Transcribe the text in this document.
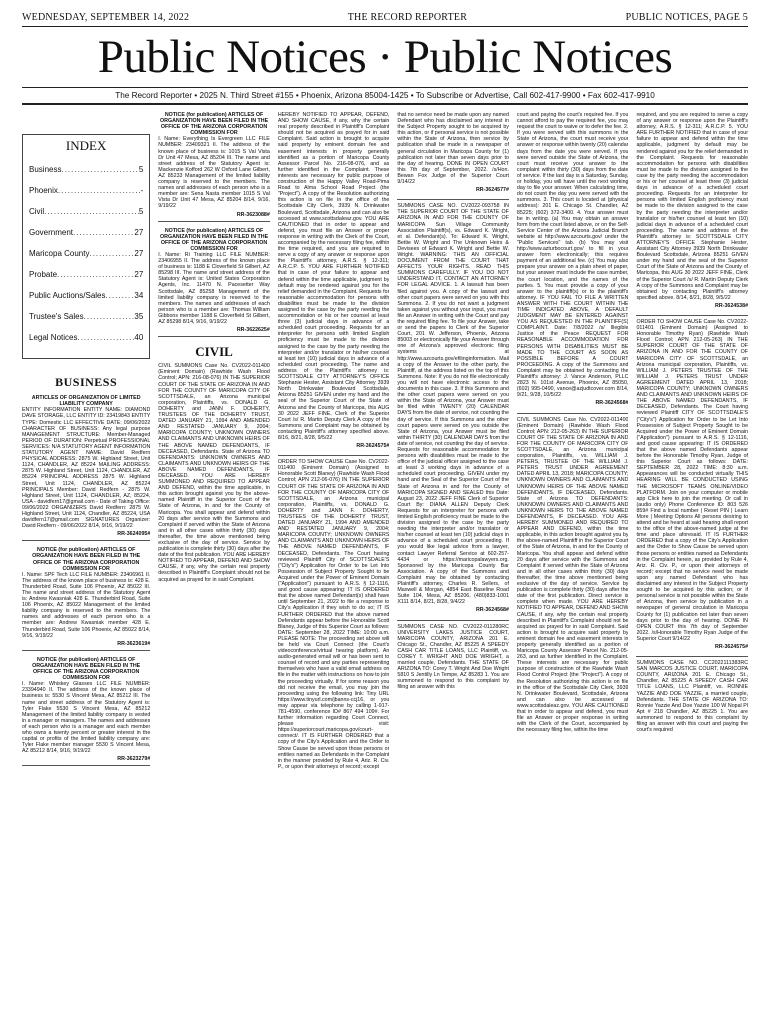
WEDNESDAY, SEPTEMBER 14, 2022	THE RECORD REPORTER	PUBLIC NOTICES, PAGE 5
Public Notices · Public Notices
The Record Reporter • 2025 N. Third Street #155 • Phoenix, Arizona 85004-1425 • To Subscribe or Advertise, Call 602-417-9900 • Fax 602-417-9910
INDEX
Business .....	5
Phoenix .....	-
Civil .....	5
Government .....	27
Maricopa County .....	27
Probate .....	27
Public Auctions/Sales .....	34
Trustee's Sales .....	35
Legal Notices .....	40
BUSINESS
ARTICLES OF ORGANIZATION OF LIMITED LIABILITY COMPANY
ENTITY INFORMATION ENTITY NAME: DIAMOND DAVE STORAGE, LLC ENTITY ID: 23419843 ENTITY TYPE: Domestic LLC EFFECTIVE DATE: 09/06/2022 CHARACTER OF BUSINESS: Any legal purpose MANAGEMENT STRUCTURE: Member-Managed PERIOD OF DURATION: Perpetual PROFESSIONAL SERVICES: N/A STATUTORY AGENT INFORMATION STATUTORY AGENT NAME: David Redfern PHYSICAL ADDRESS: 2875 W. Highland Street, Unit 1124, CHANDLER, AZ 85224 MAILING ADDRESS: 2875 W. Highland Street, Unit 1124, CHANDLER, AZ 85224 PRINCIPAL ADDRESS 2875 W. Highland Street, Unit 1124, CHANDLER, AZ 85224 PRINCIPALS Member: David Redfern - 2875 W. Highland Street, Unit 1124, CHANDLER, AZ, 85224, USA - davidfern17@gmail.com - Date of Taking Office: 09/06/2022 ORGANIZERS David Redfern: 2875 W. Highland Street, Unit 1124, Chandler, AZ 85224, USA davidfern17@gmail.com SIGNATURES Organizer: David Redfern - 09/06/2022 8/14, 9/16, 9/19/22
RR-3624095#
NOTICE (for publication) ARTICLES OF ORGANIZATION HAVE BEEN FILED IN THE OFFICE OF THE ARIZONA CORPORATION COMMISSION FOR
I. Name: SPF Tech LLC FILE NUMBER: 23406961 II. The address of the known place of business is: 428 E. Thunderbird Road, Suite 106 Phoenix, AZ 85022 III. The name and street address of the Statutory Agent is: Andrew Kwasniak 428 E. Thunderbird Road, Suite 106 Phoenix, AZ 85022 Management of the limited liability company is reserved to the members. The names and addresses of each person who is a member are: Andrew Kwasniak member 428 E. Thunderbird Road, Suite 106 Phoenix, AZ 85022 8/14, 9/16, 9/19/22
RR-3623619#
NOTICE (for publication) ARTICLES OF ORGANIZATION HAVE BEEN FILED IN THE OFFICE OF THE ARIZONA CORPORATION COMMISSION FOR
I. Name: Whiskey Glasses LLC FILE NUMBER: 23394940 II. The address of the known place of business is: 5530 S Vincent Mesa, AZ 85212 III. The name and street address of the Statutory Agent is: Tyler Flake 5530 S Vincent Mesa, AZ 85212 Management of the limited liability company is vested in a manager or managers. The names and addresses of each person who is a manager and each member who owns a twenty percent or greater interest in the capital or profits of the limited liability company are: Tyler Flake member manager 5530 S Vincent Mesa, AZ 85212 8/14, 9/16, 9/19/22
RR-3623279#
NOTICE (for publication) ARTICLES OF ORGANIZATION HAVE BEEN FILED IN THE OFFICE OF THE ARIZONA CORPORATION COMMISSION FOR
I. Name: Everything Is Evergreen LLC FILE NUMBER: 23409321 II. The address of the known place of business is: 1015 S Val Vista Dr Unit 47 Mesa, AZ 85204 III. The name and street address of the Statutory Agent is: Mackenzie Kofford 262 W Oxford Lane Gilbert, AZ 85233 Management of the limited liability company is reserved to the members. The names and addresses of each person who is a member are: Sena Nasta member 1015 S Val Vista Dr Unit 47 Mesa, AZ 85204 8/14, 9/16, 9/19/22
RR-3623088#
NOTICE (for publication) ARTICLES OF ORGANIZATION HAVE BEEN FILED IN THE OFFICE OF THE ARIZONA CORPORATION COMMISSION FOR
I. Name: Ri Training LLC FILE NUMBER: 23406955 II. The address of the known place of business is: 1188 E Cloverfield St Gilbert, AZ 85298 III. The name and street address of the Statutory Agent is: United States Corporation Agents, Inc. 11470 N. Pacesetter Way Scottsdale, AZ 85258 Management of the limited liability company is reserved to the members. The names and addresses of each person who is a member are: Thomas William Gibbons member 1188 E Cloverfield St Gilbert, AZ 85298 8/14, 9/16, 9/19/22
RR-3622625#
CIVIL
CIVIL SUMMONS Case No. CV2022-011400 (Eminent Domain) (Rawhide Wash Flood Control; APN: 216-08-076) IN THE SUPERIOR COURT OF THE STATE OF ARIZONA IN AND FOR THE COUNTY OF MARICOPA CITY OF SCOTTSDALE, an Arizona municipal corporation, Plaintiffs, vs. DONALD G. DOHERTY and JANN F. DOHERTY, TRUSTEES OF THE DOHERTY TRUST, DATED JANUARY 21, 1994 AND AMENDED AND RESTATED JANUARY 9, 2004; MARICOPA COUNTY; UNKNOWN OWNERS AND CLAIMANTS AND UNKNOWN HEIRS OF THE ABOVE NAMED DEFENDANTS, IF DECEASED, Defendants. State of Arizona TO DEFENDANTS: UNKNOWN OWNERS AND CLAIMANTS AND UNKNOWN HEIRS OF THE ABOVE NAMED DEFENDANTS, IF DECEASED. YOU ARE HEREBY SUMMONED AND REQUIRED TO APPEAR AND DEFEND, within the time applicable, in this action brought against you by the above-named Plaintiff in the Superior Court of the State of Arizona, in and for the County of Maricopa. You shall appear and defend within 20 days after service with the Summons and Complaint if served within the State of Arizona and in all other cases within thirty (30) days thereafter, the time above mentioned being exclusive of the day of service. Service by publication is complete thirty (30) days after the date of the first publication. YOU ARE HEREBY NOTIFIED TO APPEAR, DEFEND AND SHOW CAUSE, if any, why the certain real property described in Plaintiff's Complaint should not be acquired as prayed for in said Complaint.
HEREBY NOTIFIED TO APPEAR, DEFEND, AND SHOW CAUSE, if any, why the certain real property described in Plaintiff's Complaint should not be acquired as prayed for in said Complaint. Said action is brought to acquire said property by eminent domain fee and easement interests in property generally identified as a portion of Maricopa County Assessor Parcel No. 216-08-076, and as further identified in the Complaint. These interests are necessary for public purpose of construction of the Happy Valley Road-Pima Road to Alma School Road Project (the "Project"). A copy of the Resolution authorizing this action is on file in the office of the Scottsdale City Clerk, 3939 N. Drinkwater Boulevard, Scottsdale, Arizona and can also be accessed at www.scottsdaleaz.gov. YOU ARE CAUTIONED that in order to appear and defend, you must file an Answer or proper response in writing with the Clerk of the Court, accompanied by the necessary filing fee, within the time required, and you are required to serve a copy of any answer or response upon the Plaintiff's attorney, A.R.S. § 12-311; A.R.C.P. 5. YOU ARE FURTHER NOTIFIED that in case of your failure to appear and defend within the time applicable, judgment by default may be rendered against you for the relief demanded in the Complaint. Requests for reasonable accommodation for persons with disabilities must be made to the division assigned to the case by the party needing the accommodation or his or her counsel at least three (3) judicial days in advance of a scheduled court proceeding. Requests for an interpreter for persons with limited English proficiency must be made to the division assigned to the case by the party needing the interpreter and/or translator or his/her counsel at least ten (10) judicial days in advance of a scheduled court proceeding. The name and address of the Plaintiff's attorney is: SCOTTSDALE CITY ATTORNEY'S OFFICE Stephanie Hester, Assistant City Attorney 3939 North Drinkwater Boulevard Scottsdale, Arizona 85251 GIVEN under my hand and the seal of the Superior Court of the State of Arizona and the County of Maricopa, this AUG 30 2022 JEFF FINE, Clerk of the Superior Court /s/ R. Martin Deputy Clerk A copy of the Summons and Complaint may be obtained by contacting Plaintiff's attorney specified above. 8/16, 8/21, 8/28, 9/5/22
RR-3624575#
ORDER TO SHOW CAUSE Case No. CV2022-011400 (Eminent Domain) (Assigned to Honorable Scott Blaney) (Rawhide Wash Flood Control; APN 212-06-076) IN THE SUPERIOR COURT OF THE STATE OF ARIZONA IN AND FOR THE COUNTY OF MARICOPA CITY OF SCOTTSDALE, an Arizona municipal corporation, Plaintiffs, vs. DONALD G. DOHERTY and JANN F. DOHERTY, TRUSTEES OF THE DOHERTY TRUST, DATED JANUARY 21, 1994 AND AMENDED AND RESTATED JANUARY 9, 2004; MARICOPA COUNTY; UNKNOWN OWNERS AND CLAIMANTS AND UNKNOWN HEIRS OF THE ABOVE NAMED DEFENDANTS, IF DECEASED, Defendants. The Court having reviewed Plaintiff City of SCOTTSDALE'S ("City's") Application for Order to be Let Into Possession of Subject Property Sought to be Acquired under the Power of Eminent Domain ("Application") pursuant to A.R.S. § 12-1116, and good cause appearing: IT IS ORDERED that the above named Defendant(s) shall have until September 21, 2022 to file a response to City's Application if they wish to do so; IT IS FURTHER ORDERED that the above named Defendants appear before the Honorable Scott Blaney, Judge of this Superior Court as follows: DATE: September 28, 2022 TIME: 10:00 a.m. PLEASE NOTE: The proceeding set above will be held via Court Connect (the Court's videoconference/virtual hearing platform). An audio-generated email will or has been sent to counsel of record and any parties representing themselves who have a valid email address on file in the matter with instructions on how to join the proceeding virtually. If for some reason you did not receive the email, you may join the proceeding using the following link: Tiny URL https://www.tinyurl.com/jbanns-ccj16, or you may appear via telephone by calling 1-917-781-4590, conference ID# 867 494 109#. For further information regarding Court Connect, please visit: https://superiorcourt.maricopa.gov/court-connect/. IT IS FURTHER ORDERED that a copy of the City's Application and the Order to Show Cause be served upon those persons or entities named as Defendants in the Complaint in the manner provided by Rule 4, Ariz. R. Civ. P., or upon their attorneys of record; except
that no service need be made upon any named Defendant who has disclaimed any interest in the Subject Property sought to be acquired by this action, or if personal service is not possible within the State of Arizona, then service by publication shall be made in a newspaper of general circulation in Maricopa County for (1) publication not later than seven days prior to the day of hearing. DONE IN OPEN COURT this 7th day of September, 2022. /s/Hon. Bewan Fox Judge of the Superior Court 9/14/22
RR-3624577#
SUMMONS CASE NO. CV2022-093758 IN THE SUPERIOR COURT OF THE STATE OF ARIZONA IN AND FOR THE COUNTY OF MARICOPA Sun Village Community Association Plaintiff(s), vs. Edward K. Wright, et al. Defendant(s). To: Edward K. Wright, Bettie W. Wright and The Unknown Heirs & Devisees of Edward K. Wright and Bettie W. Wright. WARNING: THIS AN OFFICIAL DOCUMENT FROM THE COURT THAT AFFECTS YOUR RIGHTS. READ THIS SUMMONS CAREFULLY. IF YOU DO NOT UNDERSTAND IT, CONTACT AN ATTORNEY FOR LEGAL ADVICE. 1. A lawsuit has been filed against you. A copy of the lawsuit and other court papers were served on you with this Summons. 2. If you do not want a judgment taken against you without your input, you must file an Answer in writing with the Court and pay the required filing fee. To file your Answer, take or send the papers to Clerk of the Superior Court, 201 W. Jefferson, Phoenix, Arizona 85003 or electronically file your Answer through one of Arizona's approved electronic filing systems at http://www.azcourts.gov/efilinginformation. Mail a copy of the Answer to the other party, the Plaintiff, at the address listed on the top of this Summons. Note: If you do not file electronically you will not have electronic access to the documents in this case. 3. If this Summons and the other court papers were served on you within the State of Arizona, your Answer must be filed within TWENTY (20) CALENDAR DAYS from the date of service, not counting the day of service. If this Summons and the other court papers were served on you outside the State of Arizona, your Answer must be filed within THIRTY (30) CALENDAR DAYS from the date of service, not counting the day of service. Requests for reasonable accommodation for persons with disabilities must be made to the office of the judicial officer assigned to the case at least 3 working days in advance of a scheduled court proceeding. GIVEN under my hand and the Seal of the Superior Court of the State of Arizona in and for the County of MARICOPA SIGNED AND SEALED this Date: August 23, 2022 JEFF FINE Clerk of Superior Court By: DIANA ALLEN Deputy Clerk Requests for an interpreter for persons with limited English proficiency must be made to the division assigned to the case by the party needing the interpreter and/or translator or his/her counsel at least ten (10) judicial days in advance of a scheduled court proceeding. If you would like legal advice from a lawyer, contact Lawyer Referral Service at 602-257-4434 or https://maricopalawyers.org. Sponsored by the Maricopa County Bar Association. A copy of the Summons and Complaint may be obtained by contacting Plaintiff's attorney, Charles R. Sellers, of Maxwell & Morgan, 4854 East Baseline Road Suite 104, Mesa, AZ 85206, (480)833-1001 X111 8/14, 8/21, 8/28, 9/4/22
RR-3624568#
SUMMONS CASE NO. CV2022-011280RC UNIVERSITY LAKES JUSTICE COURT, MARICOPA COUNTY, ARIZONA 201 E. Chicago St., Chandler, AZ 85225 A SPEEDY CASH CAR TITLE LOANS, LLC Plaintiff, vs. COREY T. WRIGHT AND DOE WRIGHT, a married couple, Defendants. THE STATE OF ARIZONA TO: Corey T. Wright And Doe Wright 5810 S Jentilly Ln Tempe, AZ 85283 1. You are summoned to respond to this complaint by filing an answer with this
court and paying the court's required fee. If you cannot afford to pay the required fee, you may request the court to waive or to defer the fee. 2. If you were served with this summons in the State of Arizona, the court must receive your answer or response within twenty (20) calendar days from the date you were served. If you were served outside the State of Arizona, the court must receive your answer to the complaint within thirty (30) days from the date of service. If the last day is a Saturday, Sunday, or holiday, you will have until the next working day to file your answer. When calculating time, do not count the day you were served with the summons. 3. This court is located at (physical address): 201 E. Chicago St. Chandler, AZ 85225; (602) 372-3400. 4. Your answer must be in writing. (a) You may obtain an answer form from the court listed above, or on the Self-Service Center of the Arizona Judicial Branch website at http://www.azcourts.gov/ under the "Public Services" tab. (b) You may visit http://www.azturbocourt.gov/ to fill in your answer form electronically; this requires payment of an additional fee. (c) You may also prepare your answer on a plain sheet of paper, but your answer must include the case number, the court location, and the names of the parties. 5. You must provide a copy of your answer to the plaintiff(s) or to the plaintiff's attorney. IF YOU FAIL TO FILE A WRITTEN ANSWER WITH THE COURT WITHIN THE TIME INDICATED ABOVE, A DEFAULT JUDGMENT MAY BE ENTERED AGAINST YOU AS REQUESTED IN THE PLAINTIFF(S) COMPLAINT. Date: 7/8/2022 /s/ Illegible Justice of the Peace REQUEST FOR REASONABLE ACCOMMODATION FOR PERSONS WITH DISABILITIES MUST BE MADE TO THE COURT AS SOON AS POSSIBLE BEFORE A COURT PROCEEDING. A copy of the Summons and Complaint may be obtained by contacting the Plaintiff's attorney: J. Vance Anderson, PLLC 2823 N. 101st Avenue, Phoenix, AZ 85050, (602) 995-0490, vance@azjudtcover.com 8/14, 9/21, 9/28, 10/5/22
RR-3624568#
CIVIL SUMMONS Case No. CV2022-011400 (Eminent Domain) (Rawhide Wash Flood Control; APN: 212-05-263) IN THE SUPERIOR COURT OF THE STATE OF ARIZONA IN AND FOR THE COUNTY OF MARICOPA CITY OF SCOTTSDALE, an Arizona municipal corporation, Plaintiffs, vs. WILLIAM J. PETERS, TRUSTEE OF THE WILLIAM J. PETERS TRUST UNDER AGREEMENT DATED APRIL 13, 2018; MARICOPA COUNTY; UNKNOWN OWNERS AND CLAIMANTS AND UNKNOWN HEIRS OF THE ABOVE NAMED DEFENDANTS, IF DECEASED, Defendants. State of Arizona TO DEFENDANTS: UNKNOWN OWNERS AND CLAIMANTS AND UNKNOWN HEIRS TO THE ABOVE NAMED DEFENDANTS, IF DECEASED. YOU ARE HEREBY SUMMONED AND REQUIRED TO APPEAR AND DEFEND, within the time applicable, in this action brought against you by the above-named Plaintiff in the Superior Court of the State of Arizona, in and for the County of Maricopa. You shall appear and defend within 20 days after service with the Summons and Complaint if served within the State of Arizona and in all other cases within thirty (30) days thereafter, the time above mentioned being exclusive of the day of service. Service by publication is complete thirty (30) days after the date of the first publication. Direct service is complete when made. YOU ARE HEREBY NOTIFIED TO APPEAR, DEFEND AND SHOW CAUSE, if any, why the certain real property described in Plaintiff's Complaint should not be acquired as prayed for in said Complaint. Said action is brought to acquire said property by eminent domain fee and easement interests in property generally identified as a portion of Maricopa County Assessor Parcel No. 212-05-263, and as further identified in the Complaint. These interests are necessary for public purpose of construction of the Rawhide Wash Flood Control Project (the "Project"). A copy of the Resolution authorizing this action is on file in the office of the Scottsdale City Clerk, 3939 N. Drinkwater Boulevard, Scottsdale, Arizona and can also be accessed at www.scottsdaleaz.gov. YOU ARE CAUTIONED that in order to appear and defend, you must file an Answer or proper response in writing with the Clerk of the Court, accompanied by the necessary filing fee, within the time
required, and you are required to serve a copy of any answer or response upon the Plaintiff's attorney, A.R.S. § 12-311; A.R.C.P. 5. YOU ARE FURTHER NOTIFIED that in case of your failure to appear and defend within the time applicable, judgment by default may be rendered against you for the relief demanded in the Complaint. Requests for reasonable accommodation for persons with disabilities must be made to the division assigned to the case by the party needing the accommodation or his or her counsel at least three (3) judicial days in advance of a scheduled court proceeding. Requests for an interpreter for persons with limited English proficiency must be made to the division assigned to the case by the party needing the interpreter and/or translator or his/her counsel at least ten (10) judicial days in advance of a scheduled court proceeding. The name and address of the Plaintiff's attorney is: SCOTTSDALE CITY ATTORNEY'S OFFICE Stephanie Hester, Assistant City Attorney 3939 North Drinkwater Boulevard Scottsdale, Arizona 85251 GIVEN under my hand and the seal of the Superior Court of the State of Arizona and the County of Maricopa, this AUG 30 2022 JEFF FINE, Clerk of the Superior Court /s/ R. Martin Deputy Clerk A copy of the Summons and Complaint may be obtained by contacting Plaintiff's attorney specified above. 8/14, 8/21, 8/28, 9/5/22
RR-3624538#
ORDER TO SHOW CAUSE Case No. CV2022-011401 (Eminent Domain) (Assigned to Honorable Timothy Ryan) (Rawhide Wash Flood Control; APN 212-05-263) IN THE SUPERIOR COURT OF THE STATE OF ARIZONA IN AND FOR THE COUNTY OF MARICOPA CITY OF SCOTTSDALE, an Arizona municipal corporation, Plaintiffs, vs. WILLIAM J. PETERS TRUSTEE OF THE WILLIAM J. PETERS TRUST UNDER AGREEMENT DATED APRIL 13, 2018; MARICOPA COUNTY; UNKNOWN OWNERS AND CLAIMANTS AND UNKNOWN HEIRS OF THE ABOVE NAMED DEFENDANTS, IF DECEASED, Defendants. The Court having reviewed Plaintiff CITY OF SCOTTSDALE'S ("City's") Application for Order to be Let Into Possession of Subject Property Sought to be Acquired under the Power of Eminent Domain ("Application") pursuant to A.R.S. § 12-1116, and good cause appearing: IT IS ORDERED that the above named Defendants appear before the Honorable Timothy Ryan, Judge of this Superior Court as follows: DATE: SEPTEMBER 28, 2022 TIME: 8:30 a.m. Appearances will be conducted virtually THIS HEARING WILL BE CONDUCTED USING THE MICROSOFT TEAMS ONLINE/VIDEO PLATFORM. Join on your computer or mobile app Click here to join the meeting. Or call in (audio only) Phone Conference ID: 803 526 859# Find a local number | Reset PIN | Learn More | Meeting Options All persons desiring to attend and be heard at said hearing shall report to the office of the above-named judge at the time and place aforesaid. IT IS FURTHER ORDERED that a copy of the City's Application and the Order to Show Cause be served upon those persons or entities named as Defendants in the Complaint herein, as provided by Rule 4, Ariz. R. Civ. P., or upon their attorneys of record; except that no service need be made upon any named Defendant who has disclaimed any interest in the Subject Property sought to be acquired by this action; or if personal service is not possible within the State of Arizona, then service by publication in a newspaper of general circulation in Maricopa County for (1) publication not later than seven days prior to the day of hearing. DONE IN OPEN COURT this 7th day of September 2022. /s/Honorable Timothy Ryan Judge of the Superior Court 9/14/22
RR-3624575#
SUMMONS CASE NO. CC2022111383RC SAN MARCOS JUSTICE COURT, MARICOPA COUNTY, ARIZONA 201 E. Chicago St., Chandler, AZ 85225 A SPEEDY CASH CAR TITLE LOANS, LLC Plaintiff, vs. RONNIE YAZZIE AND DOE YAZZIE, a married couple, Defendants. THE STATE OF ARIZONA TO: Ronnie Yazzie And Doe Yazzie 100 W Nopal Pl Apt # 218 Chandler, AZ 85225 1. You are summoned to respond to this complaint by filing an answer with this court and paying the court's required
